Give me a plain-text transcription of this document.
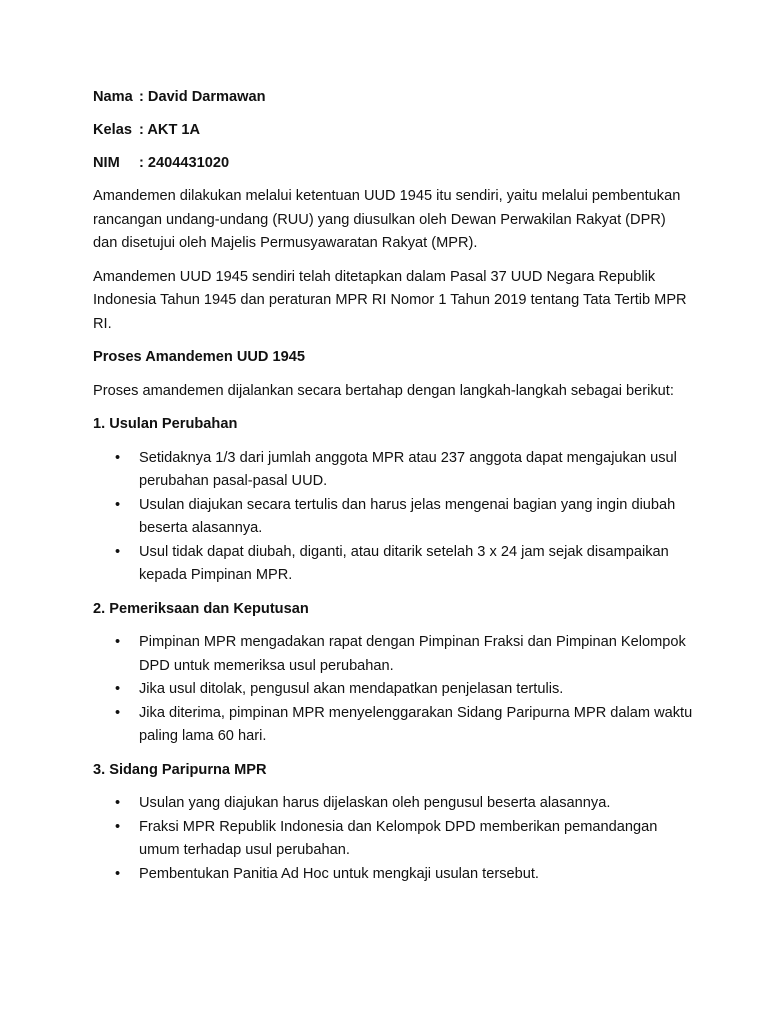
Nama : David Darmawan
Kelas : AKT 1A
NIM : 2404431020

Amandemen dilakukan melalui ketentuan UUD 1945 itu sendiri, yaitu melalui pembentukan rancangan undang-undang (RUU) yang diusulkan oleh Dewan Perwakilan Rakyat (DPR) dan disetujui oleh Majelis Permusyawaratan Rakyat (MPR).

Amandemen UUD 1945 sendiri telah ditetapkan dalam Pasal 37 UUD Negara Republik Indonesia Tahun 1945 dan peraturan MPR RI Nomor 1 Tahun 2019 tentang Tata Tertib MPR RI.

Proses Amandemen UUD 1945

Proses amandemen dijalankan secara bertahap dengan langkah-langkah sebagai berikut:

1. Usulan Perubahan

• Setidaknya 1/3 dari jumlah anggota MPR atau 237 anggota dapat mengajukan usul perubahan pasal-pasal UUD.
• Usulan diajukan secara tertulis dan harus jelas mengenai bagian yang ingin diubah beserta alasannya.
• Usul tidak dapat diubah, diganti, atau ditarik setelah 3 x 24 jam sejak disampaikan kepada Pimpinan MPR.

2. Pemeriksaan dan Keputusan

• Pimpinan MPR mengadakan rapat dengan Pimpinan Fraksi dan Pimpinan Kelompok DPD untuk memeriksa usul perubahan.
• Jika usul ditolak, pengusul akan mendapatkan penjelasan tertulis.
• Jika diterima, pimpinan MPR menyelenggarakan Sidang Paripurna MPR dalam waktu paling lama 60 hari.

3. Sidang Paripurna MPR

• Usulan yang diajukan harus dijelaskan oleh pengusul beserta alasannya.
• Fraksi MPR Republik Indonesia dan Kelompok DPD memberikan pemandangan umum terhadap usul perubahan.
• Pembentukan Panitia Ad Hoc untuk mengkaji usulan tersebut.
